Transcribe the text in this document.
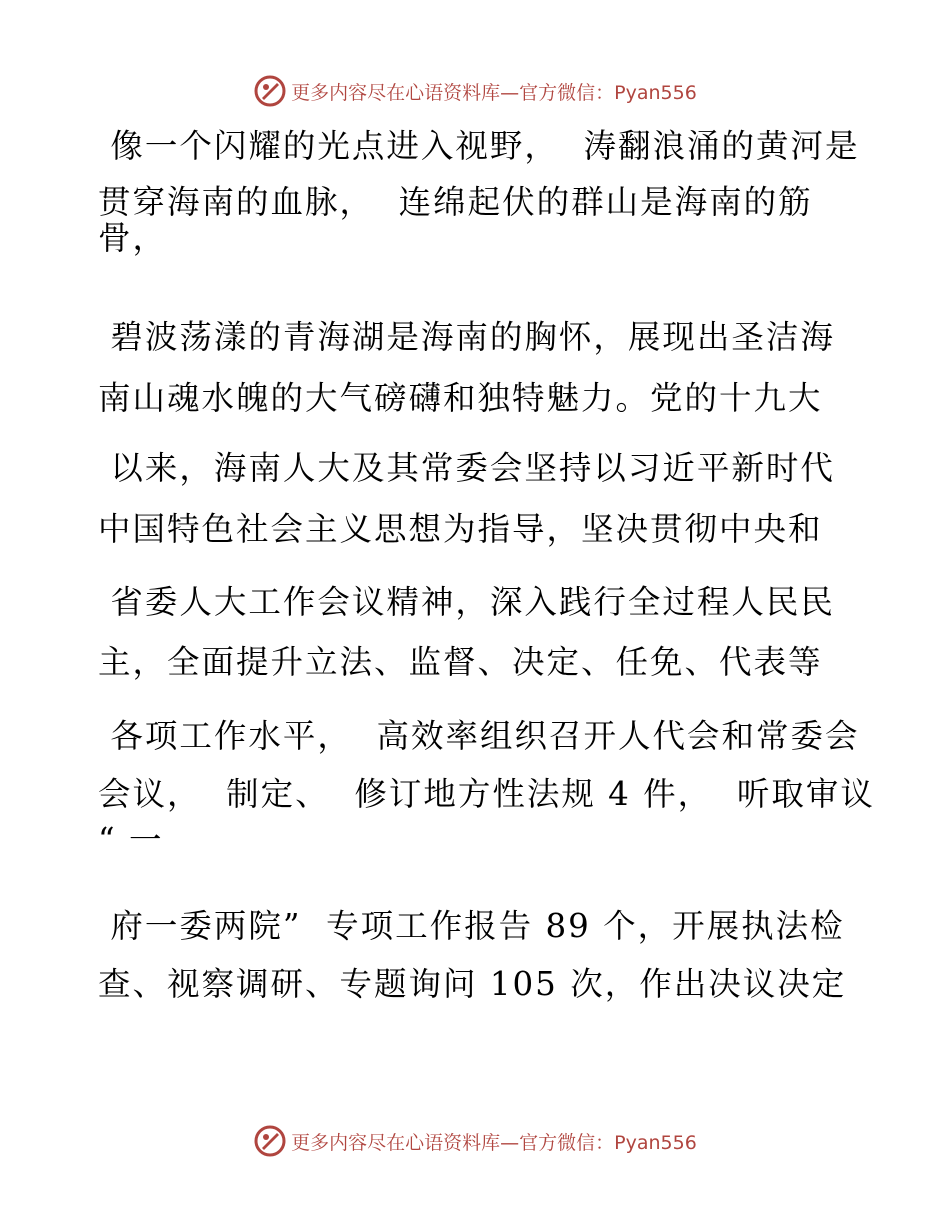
更多内容尽在心语资料库—官方微信：Pyan556
像一个闪耀的光点进入视野，  涛翻浪涌的黄河是
贯穿海南的血脉，  连绵起伏的群山是海南的筋
骨，
碧波荡漾的青海湖是海南的胸怀，展现出圣洁海
南山魂水魄的大气磅礴和独特魅力。党的十九大
以来，海南人大及其常委会坚持以习近平新时代
中国特色社会主义思想为指导，坚决贯彻中央和
省委人大工作会议精神，深入践行全过程人民民
主，全面提升立法、监督、决定、任免、代表等
各项工作水平，  高效率组织召开人代会和常委会
会议，  制定、  修订地方性法规 4 件，  听取审议
“ 一
府一委两院”  专项工作报告 89 个，开展执法检
查、视察调研、专题询问 105 次，作出决议决定
更多内容尽在心语资料库—官方微信：Pyan556
